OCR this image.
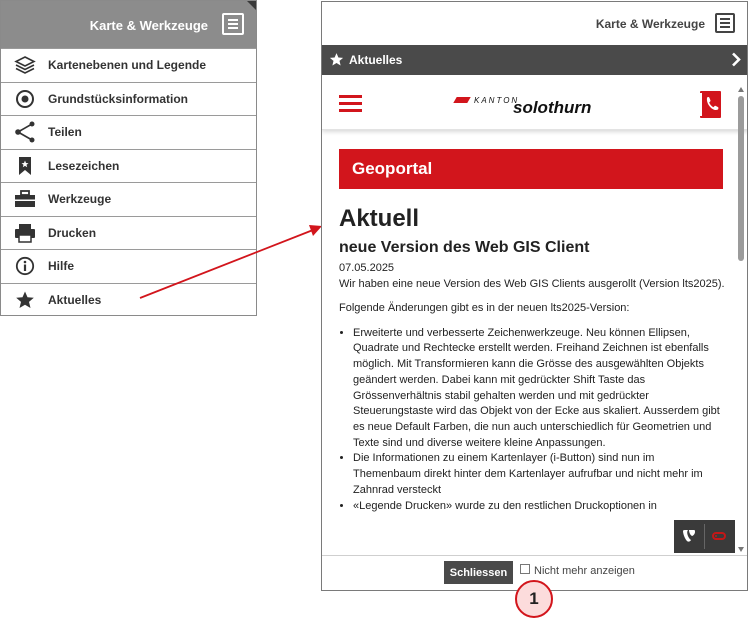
Karte & Werkzeuge
Kartenebenen und Legende
Grundstücksinformation
Teilen
Lesezeichen
Werkzeuge
Drucken
Hilfe
Aktuelles
Karte & Werkzeuge
Aktuelles
KANTON
solothurn
Geoportal
Aktuell
neue Version des Web GIS Client

07.05.2025

Wir haben eine neue Version des Web GIS Clients ausgerollt (Version lts2025).

Folgende Änderungen gibt es in der neuen lts2025-Version:

• Erweiterte und verbesserte Zeichenwerkzeuge. Neu können Ellipsen, Quadrate und Rechtecke erstellt werden. Freihand Zeichnen ist ebenfalls möglich. Mit Transformieren kann die Grösse des ausgewählten Objekts geändert werden. Dabei kann mit gedrückter Shift Taste das Grössenverhältnis stabil gehalten werden und mit gedrückter Steuerungstaste wird das Objekt von der Ecke aus skaliert. Ausserdem gibt es neue Default Farben, die nun auch unterschiedlich für Geometrien und Texte sind und diverse weitere kleine Anpassungen.
• Die Informationen zu einem Kartenlayer (i-Button) sind nun im Themenbaum direkt hinter dem Kartenlayer aufrufbar und nicht mehr im Zahnrad versteckt
• «Legende Drucken» wurde zu den restlichen Druckoptionen in
Schliessen	Nicht mehr anzeigen
1
